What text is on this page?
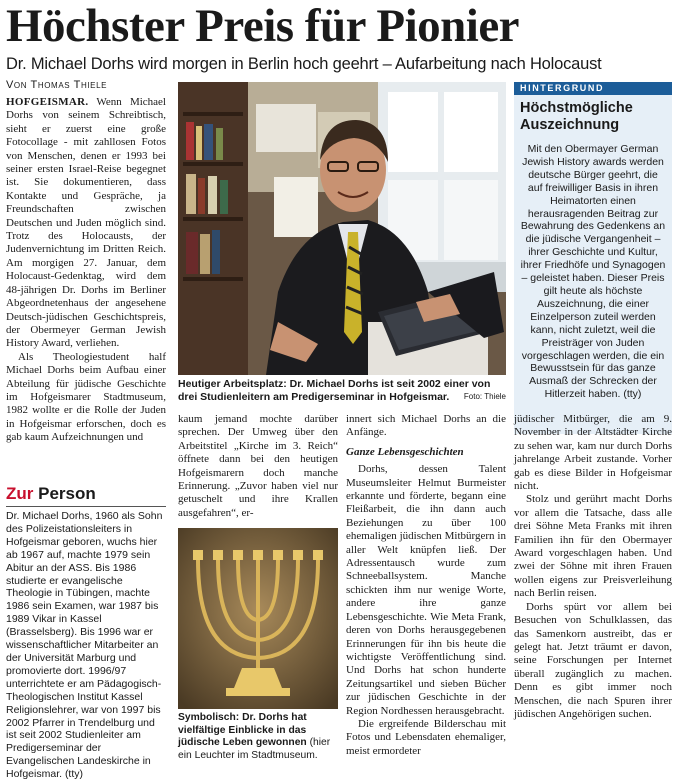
Höchster Preis für Pionier
Dr. Michael Dorhs wird morgen in Berlin hoch geehrt – Aufarbeitung nach Holocaust
Von Thomas Thiele

HOFGEISMAR. Wenn Michael Dorhs von seinem Schreibtisch, sieht er zuerst eine große Fotocollage - mit zahllosen Fotos von Menschen, denen er 1993 bei seiner ersten Israel-Reise begegnet ist. Sie dokumentieren, dass Kontakte und Gespräche, ja Freundschaften zwischen Deutschen und Juden möglich sind. Trotz des Holocausts, der Judenvernichtung im Dritten Reich. Am morgigen 27. Januar, dem Holocaust-Gedenktag, wird dem 48-jährigen Dr. Dorhs im Berliner Abgeordnetenhaus der angesehene Deutsch-jüdischen Geschichtspreis, der Obermeyer German Jewish History Award, verliehen.

Als Theologiestudent half Michael Dorhs beim Aufbau einer Abteilung für jüdische Geschichte im Hofgeismarer Stadtmuseum, 1982 wollte er die Rolle der Juden in Hofgeismar erforschen, doch es gab kaum Aufzeichnungen und

Zur Person
Dr. Michael Dorhs, 1960 als Sohn des Polizeistationsleiters in Hofgeismar geboren, wuchs hier ab 1967 auf, machte 1979 sein Abitur an der ASS. Bis 1986 studierte er evangelische Theologie in Tübingen, machte 1986 sein Examen, war 1987 bis 1989 Vikar in Kassel (Brasselsberg). Bis 1996 war er wissenschaftlicher Mitarbeiter an der Universität Marburg und promovierte dort. 1996/97 unterrichtete er am Pädagogisch-Theologischen Institut Kassel Religionslehrer, war von 1997 bis 2002 Pfarrer in Trendelburg und ist seit 2002 Studienleiter am Predigerseminar der Evangelischen Landeskirche in Hofgeismar. (tty)
Heutiger Arbeitsplatz: Dr. Michael Dorhs ist seit 2002 einer von drei Studienleitern am Predigerseminar in Hofgeismar. Foto: Thiele

kaum jemand mochte darüber sprechen. Der Umweg über den Arbeitstitel „Kirche im 3. Reich“ öffnete dann bei den heutigen Hofgeismarern doch manche Erinnerung. „Zuvor haben viel nur getuschelt und ihre Krallen ausgefahren“, er-

Symbolisch: Dr. Dorhs hat vielfältige Einblicke in das jüdische Leben gewonnen (hier ein Leuchter im Stadtmuseum.

innert sich Michael Dorhs an die Anfänge.

Ganze Lebensgeschichten

Dorhs, dessen Talent Museumsleiter Helmut Burmeister erkannte und förderte, begann eine Fleißarbeit, die ihn dann auch Beziehungen zu über 100 ehemaligen jüdischen Mitbürgern in aller Welt knüpfen ließ. Der Adressentausch wurde zum Schneeballsystem. Manche schickten ihm nur wenige Worte, andere ihre ganze Lebensgeschichte. Wie Meta Frank, deren von Dorhs herausgegebenen Erinnerungen für ihn bis heute die wichtigste Veröffentlichung sind. Und Dorhs hat schon hunderte Zeitungsartikel und sieben Bücher zur jüdischen Geschichte in der Region Nordhessen herausgebracht.

Die ergreifende Bilderschau mit Fotos und Lebensdaten ehemaliger, meist ermordeter

HINTERGRUND
Höchstmögliche Auszeichnung
Mit den Obermayer German Jewish History awards werden deutsche Bürger geehrt, die auf freiwilliger Basis in ihren Heimatorten einen herausragenden Beitrag zur Bewahrung des Gedenkens an die jüdische Vergangenheit – ihrer Geschichte und Kultur, ihrer Friedhöfe und Synagogen – geleistet haben. Dieser Preis gilt heute als höchste Auszeichnung, die einer Einzelperson zuteil werden kann, nicht zuletzt, weil die Preisträger von Juden vorgeschlagen werden, die ein Bewusstsein für das ganze Ausmaß der Schrecken der Hitlerzeit haben. (tty)

jüdischer Mitbürger, die am 9. November in der Altstädter Kirche zu sehen war, kam nur durch Dorhs jahrelange Arbeit zustande. Vorher gab es diese Bilder in Hofgeismar nicht.

Stolz und gerührt macht Dorhs vor allem die Tatsache, dass alle drei Söhne Meta Franks mit ihren Familien ihn für den Obermayer Award vorgeschlagen haben. Und zwei der Söhne mit ihren Frauen wollen eigens zur Preisverleihung nach Berlin reisen.

Dorhs spürt vor allem bei Besuchen von Schulklassen, das das Samenkorn austreibt, das er gelegt hat. Jetzt träumt er davon, seine Forschungen per Internet überall zugänglich zu machen. Denn es gibt immer noch Menschen, die nach Spuren ihrer jüdischen Angehörigen suchen.
